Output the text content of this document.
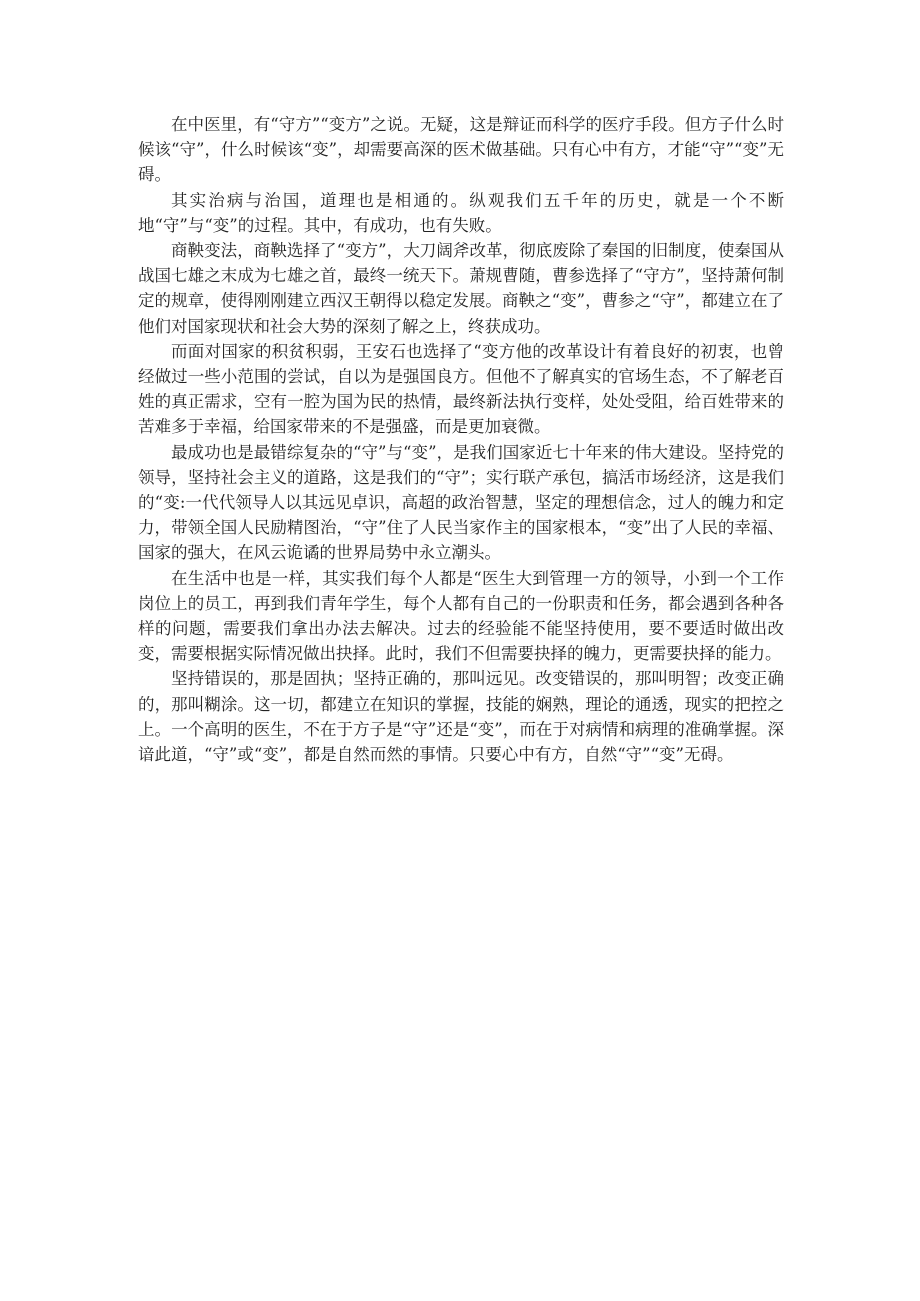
在中医里，有“守方”“变方”之说。无疑，这是辩证而科学的医疗手段。但方子什么时候该“守”，什么时候该“变”，却需要高深的医术做基础。只有心中有方，才能“守”“变”无碍。

其实治病与治国，道理也是相通的。纵观我们五千年的历史，就是一个不断地“守”与“变”的过程。其中，有成功，也有失败。

商鞅变法，商鞅选择了“变方”，大刀阔斧改革，彻底废除了秦国的旧制度，使秦国从战国七雄之末成为七雄之首，最终一统天下。萧规曹随，曹参选择了“守方”，坚持萧何制定的规章，使得刚刚建立西汉王朝得以稳定发展。商鞅之“变”，曹参之“守”，都建立在了他们对国家现状和社会大势的深刻了解之上，终获成功。

而面对国家的积贫积弱，王安石也选择了“变方他的改革设计有着良好的初衷，也曾经做过一些小范围的尝试，自以为是强国良方。但他不了解真实的官场生态，不了解老百姓的真正需求，空有一腔为国为民的热情，最终新法执行变样，处处受阻，给百姓带来的苦难多于幸福，给国家带来的不是强盛，而是更加衰微。

最成功也是最错综复杂的“守”与“变”，是我们国家近七十年来的伟大建设。坚持党的领导，坚持社会主义的道路，这是我们的“守”；实行联产承包，搞活市场经济，这是我们的“变:一代代领导人以其远见卓识，高超的政治智慧，坚定的理想信念，过人的魄力和定力，带领全国人民励精图治，“守”住了人民当家作主的国家根本，“变”出了人民的幸福、国家的强大，在风云诡谲的世界局势中永立潮头。

在生活中也是一样，其实我们每个人都是“医生大到管理一方的领导，小到一个工作岗位上的员工，再到我们青年学生，每个人都有自己的一份职责和任务，都会遇到各种各样的问题，需要我们拿出办法去解决。过去的经验能不能坚持使用，要不要适时做出改变，需要根据实际情况做出抉择。此时，我们不但需要抉择的魄力，更需要抉择的能力。

坚持错误的，那是固执；坚持正确的，那叫远见。改变错误的，那叫明智；改变正确的，那叫糊涂。这一切，都建立在知识的掌握，技能的娴熟，理论的通透，现实的把控之上。一个高明的医生，不在于方子是“守”还是“变”，而在于对病情和病理的准确掌握。深谙此道，“守”或“变”，都是自然而然的事情。只要心中有方，自然“守”“变”无碍。
